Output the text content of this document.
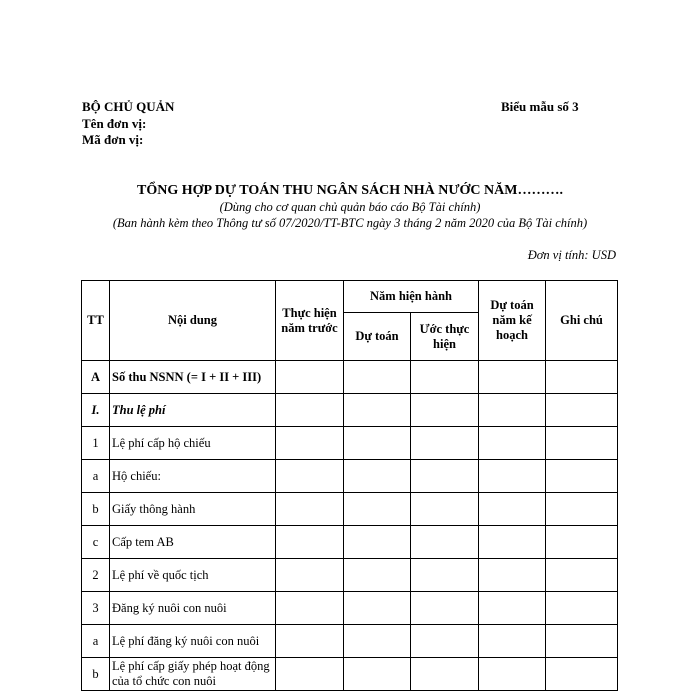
BỘ CHỦ QUẢN
Tên đơn vị:
Mã đơn vị:
Biểu mẫu số 3
TỔNG HỢP DỰ TOÁN THU NGÂN SÁCH NHÀ NƯỚC NĂM……….
(Dùng cho cơ quan chủ quản báo cáo Bộ Tài chính)
(Ban hành kèm theo Thông tư số 07/2020/TT-BTC ngày 3 tháng 2 năm 2020 của Bộ Tài chính)
Đơn vị tính: USD
TT	Nội dung	Thực hiện năm trước	Năm hiện hành		Dự toán năm kế hoạch	Ghi chú
			Dự toán	Ước thực hiện		
A	Số thu NSNN (= I + II + III)					
I.	Thu lệ phí					
1	Lệ phí cấp hộ chiếu					
a	Hộ chiếu:					
b	Giấy thông hành					
c	Cấp tem AB					
2	Lệ phí về quốc tịch					
3	Đăng ký nuôi con nuôi					
a	Lệ phí đăng ký nuôi con nuôi					
b	Lệ phí cấp giấy phép hoạt động của tổ chức con nuôi					
